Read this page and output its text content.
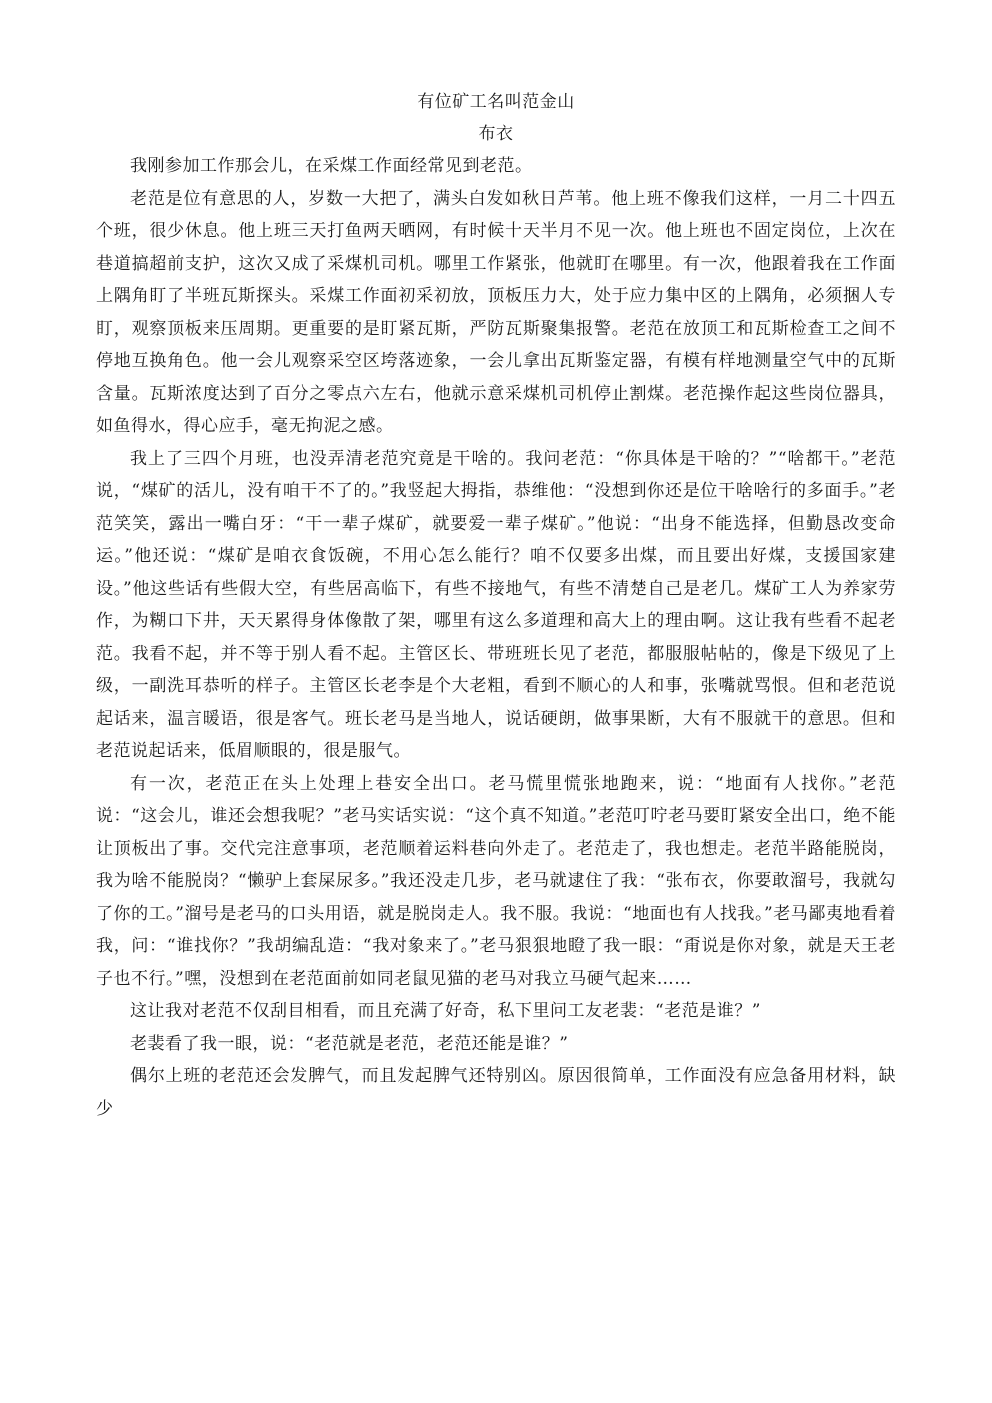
有位矿工名叫范金山

布衣

我刚参加工作那会儿，在采煤工作面经常见到老范。

老范是位有意思的人，岁数一大把了，满头白发如秋日芦苇。他上班不像我们这样，一月二十四五个班，很少休息。他上班三天打鱼两天晒网，有时候十天半月不见一次。他上班也不固定岗位，上次在巷道搞超前支护，这次又成了采煤机司机。哪里工作紧张，他就盯在哪里。有一次，他跟着我在工作面上隅角盯了半班瓦斯探头。采煤工作面初采初放，顶板压力大，处于应力集中区的上隅角，必须捆人专盯，观察顶板来压周期。更重要的是盯紧瓦斯，严防瓦斯聚集报警。老范在放顶工和瓦斯检查工之间不停地互换角色。他一会儿观察采空区垮落迹象，一会儿拿出瓦斯鉴定器，有模有样地测量空气中的瓦斯含量。瓦斯浓度达到了百分之零点六左右，他就示意采煤机司机停止割煤。老范操作起这些岗位器具，如鱼得水，得心应手，毫无拘泥之感。

我上了三四个月班，也没弄清老范究竟是干啥的。我问老范：“你具体是干啥的？”“啥都干。”老范说，“煤矿的活儿，没有咱干不了的。”我竖起大拇指，恭维他：“没想到你还是位干啥啥行的多面手。”老范笑笑，露出一嘴白牙：“干一辈子煤矿，就要爱一辈子煤矿。”他说：“出身不能选择，但勤恳改变命运。”他还说：“煤矿是咱衣食饭碗，不用心怎么能行？咱不仅要多出煤，而且要出好煤，支援国家建设。”他这些话有些假大空，有些居高临下，有些不接地气，有些不清楚自己是老几。煤矿工人为养家劳作，为糊口下井，天天累得身体像散了架，哪里有这么多道理和高大上的理由啊。这让我有些看不起老范。我看不起，并不等于别人看不起。主管区长、带班班长见了老范，都服服帖帖的，像是下级见了上级，一副洗耳恭听的样子。主管区长老李是个大老粗，看到不顺心的人和事，张嘴就骂恨。但和老范说起话来，温言暖语，很是客气。班长老马是当地人，说话硬朗，做事果断，大有不服就干的意思。但和老范说起话来，低眉顺眼的，很是服气。

有一次，老范正在头上处理上巷安全出口。老马慌里慌张地跑来，说：“地面有人找你。”老范说：“这会儿，谁还会想我呢？”老马实话实说：“这个真不知道。”老范叮咛老马要盯紧安全出口，绝不能让顶板出了事。交代完注意事项，老范顺着运料巷向外走了。老范走了，我也想走。老范半路能脱岗，我为啥不能脱岗？“懒驴上套屎尿多。”我还没走几步，老马就逮住了我：“张布衣，你要敢溜号，我就勾了你的工。”溜号是老马的口头用语，就是脱岗走人。我不服。我说：“地面也有人找我。”老马鄙夷地看着我，问：“谁找你？”我胡编乱造：“我对象来了。”老马狠狠地瞪了我一眼：“甭说是你对象，就是天王老子也不行。”嘿，没想到在老范面前如同老鼠见猫的老马对我立马硬气起来……

这让我对老范不仅刮目相看，而且充满了好奇，私下里问工友老裴：“老范是谁？”

老裴看了我一眼，说：“老范就是老范，老范还能是谁？”

偶尔上班的老范还会发脾气，而且发起脾气还特别凶。原因很简单，工作面没有应急备用材料，缺少
